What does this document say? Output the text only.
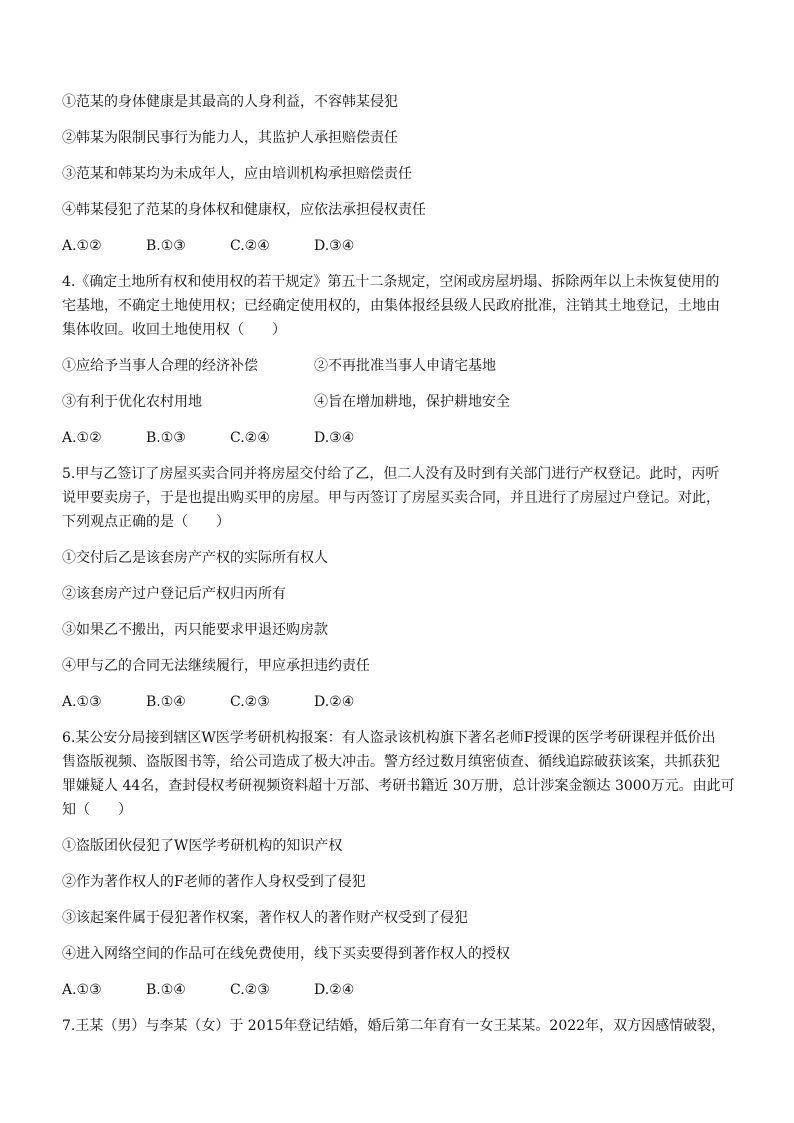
①范某的身体健康是其最高的人身利益，不容韩某侵犯
②韩某为限制民事行为能力人，其监护人承担赔偿责任
③范某和韩某均为未成年人，应由培训机构承担赔偿责任
④韩某侵犯了范某的身体权和健康权，应依法承担侵权责任
A.①②	B.①③	C.②④	D.③④
4.《确定土地所有权和使用权的若干规定》第五十二条规定，空闲或房屋坍塌、拆除两年以上未恢复使用的
宅基地，不确定土地使用权；已经确定使用权的，由集体报经县级人民政府批准，注销其土地登记，土地由
集体收回。收回土地使用权（　　）
①应给予当事人合理的经济补偿	②不再批准当事人申请宅基地
③有利于优化农村用地	④旨在增加耕地，保护耕地安全
A.①②	B.①③	C.②④	D.③④
5.甲与乙签订了房屋买卖合同并将房屋交付给了乙，但二人没有及时到有关部门进行产权登记。此时，丙听
说甲要卖房子，于是也提出购买甲的房屋。甲与丙签订了房屋买卖合同，并且进行了房屋过户登记。对此，
下列观点正确的是（　　）
①交付后乙是该套房产产权的实际所有权人
②该套房产过户登记后产权归丙所有
③如果乙不搬出，丙只能要求甲退还购房款
④甲与乙的合同无法继续履行，甲应承担违约责任
A.①③	B.①④	C.②③	D.②④
6.某公安分局接到辖区W医学考研机构报案：有人盗录该机构旗下著名老师F授课的医学考研课程并低价出
售盗版视频、盗版图书等，给公司造成了极大冲击。警方经过数月缜密侦查、循线追踪破获该案，共抓获犯
罪嫌疑人 44名，查封侵权考研视频资料超十万部、考研书籍近 30万册，总计涉案金额达 3000万元。由此可
知（　　）
①盗版团伙侵犯了W医学考研机构的知识产权
②作为著作权人的F老师的著作人身权受到了侵犯
③该起案件属于侵犯著作权案，著作权人的著作财产权受到了侵犯
④进入网络空间的作品可在线免费使用，线下买卖要得到著作权人的授权
A.①③	B.①④	C.②③	D.②④
7.王某（男）与李某（女）于 2015年登记结婚，婚后第二年育有一女王某某。2022年，双方因感情破裂，
